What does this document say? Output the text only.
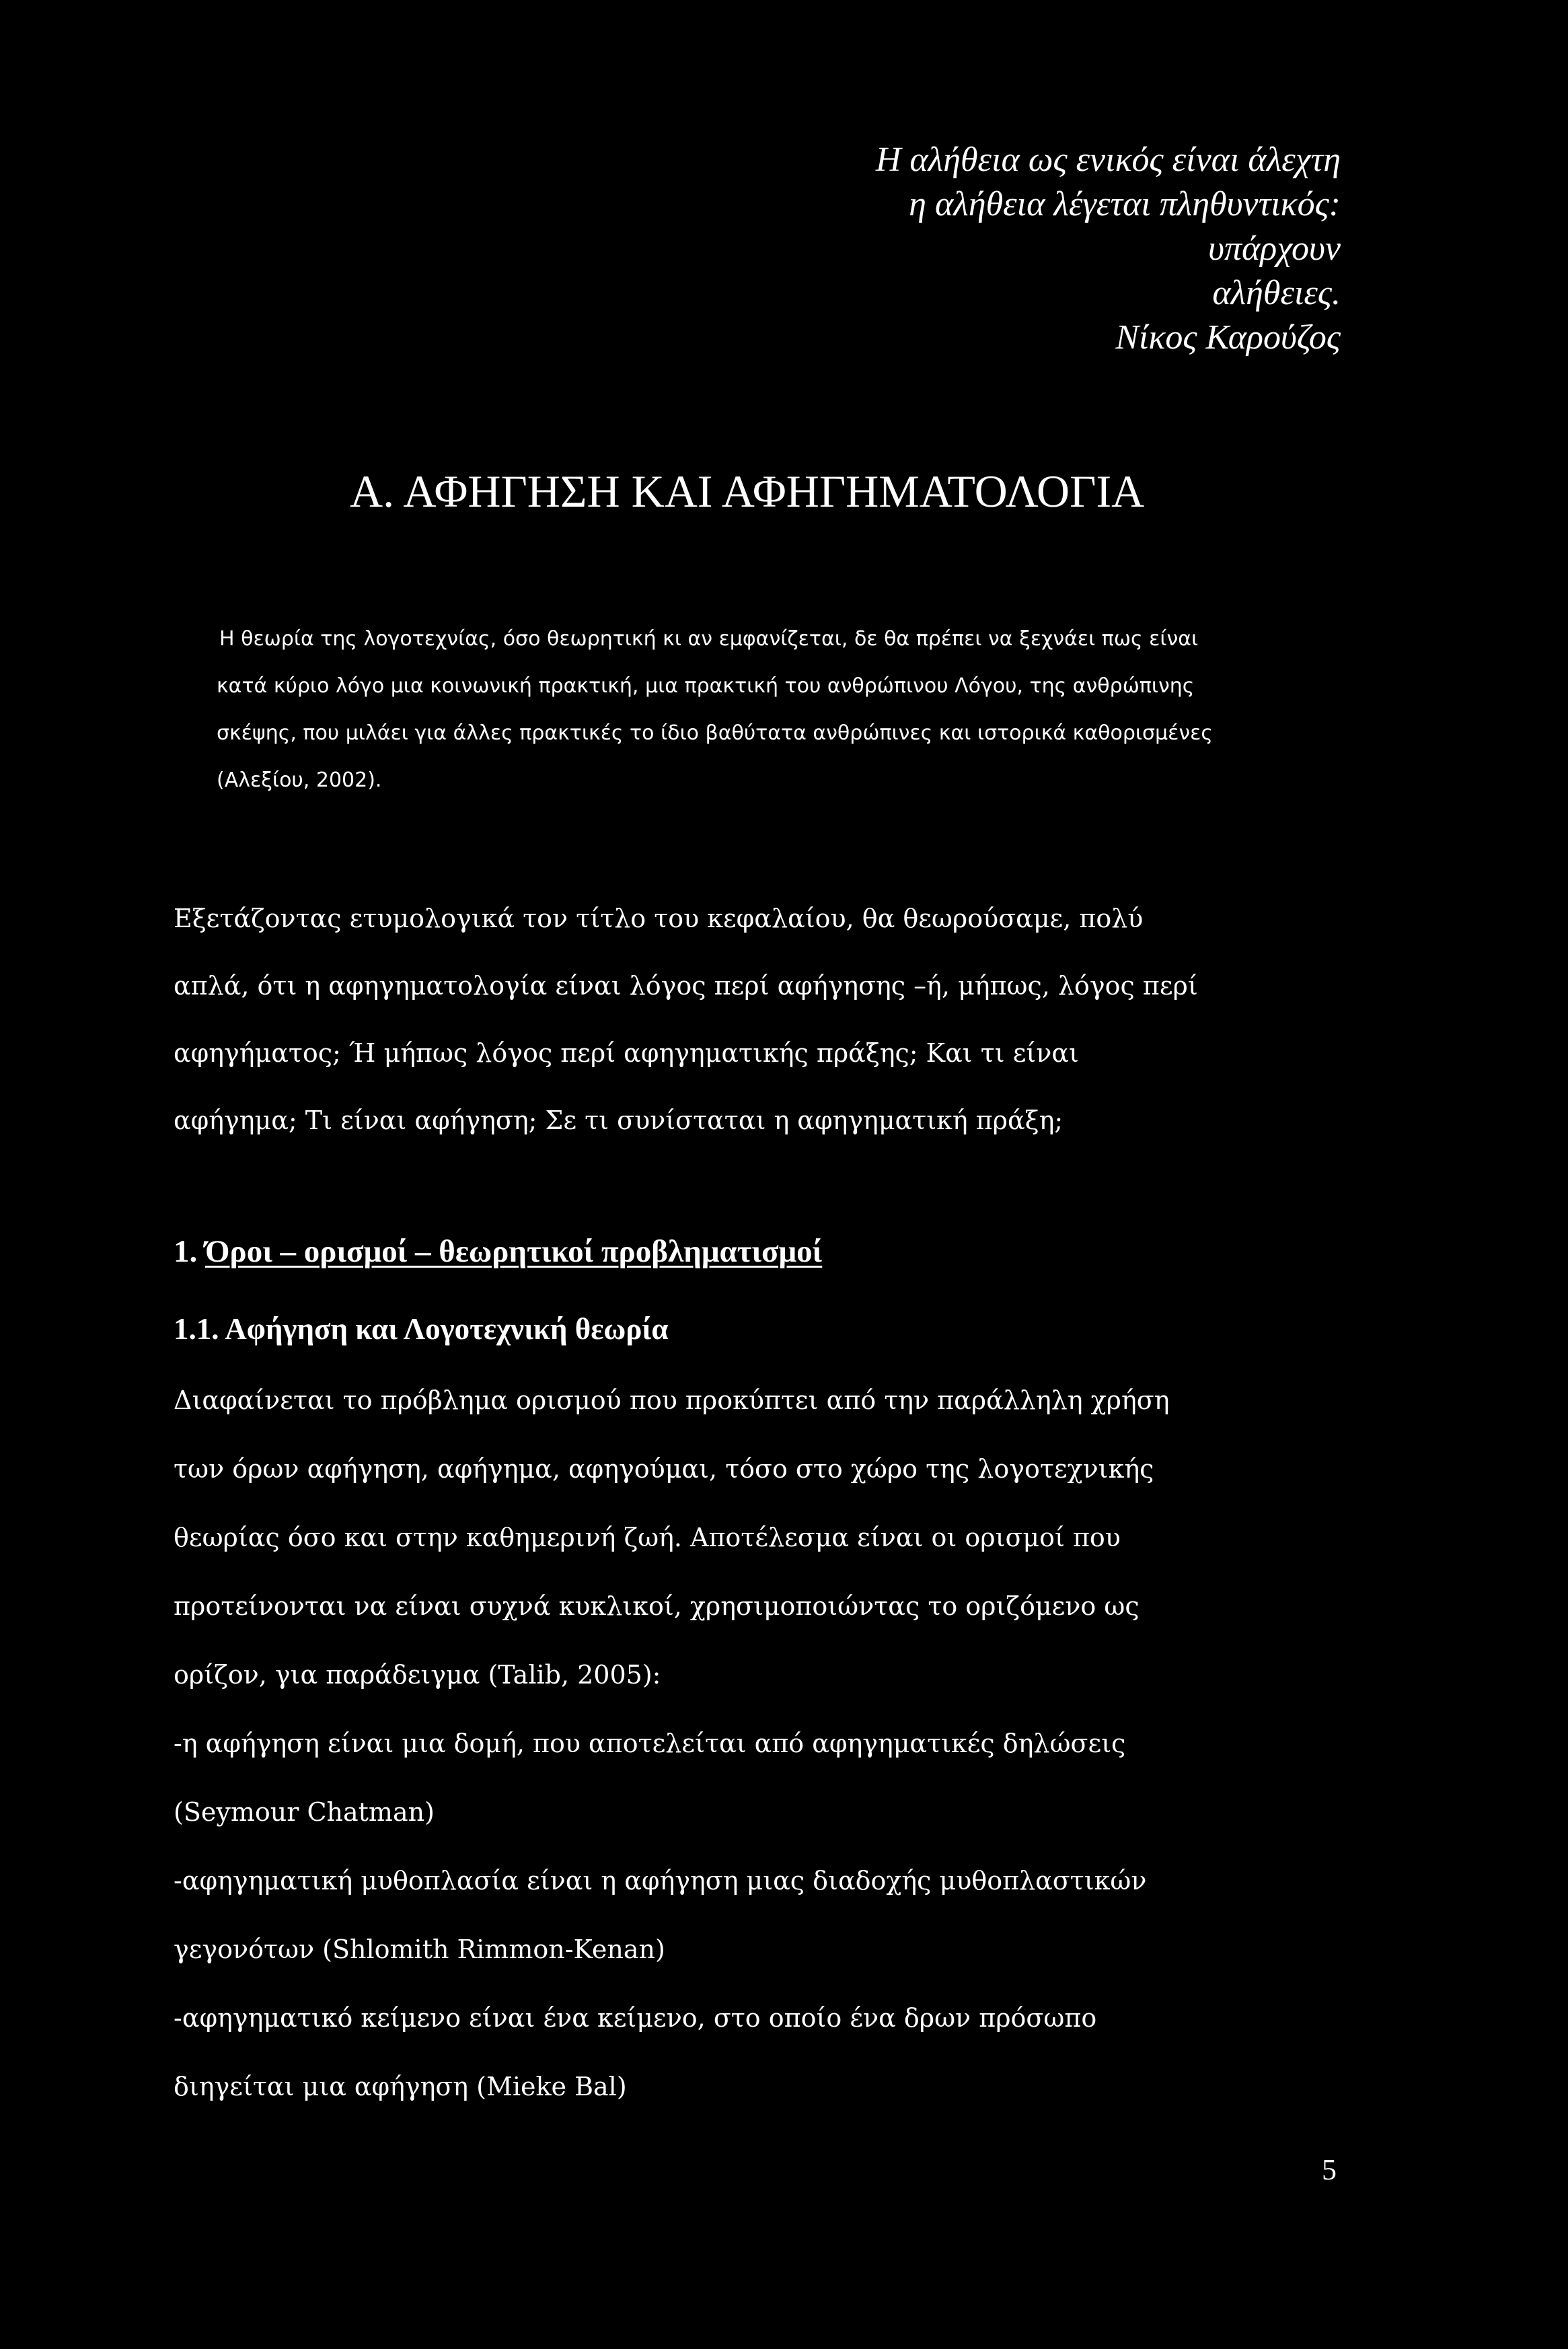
Η αλήθεια ως ενικός είναι άλεχτη
η αλήθεια λέγεται πληθυντικός:
υπάρχουν
αλήθειες.
Νίκος Καρούζος
Α. ΑΦΗΓΗΣΗ ΚΑΙ ΑΦΗΓΗΜΑΤΟΛΟΓΙΑ
Η θεωρία της λογοτεχνίας, όσο θεωρητική κι αν εμφανίζεται, δε θα πρέπει να ξεχνάει πως είναι
κατά κύριο λόγο μια κοινωνική πρακτική, μια πρακτική του ανθρώπινου Λόγου, της ανθρώπινης
σκέψης, που μιλάει για άλλες πρακτικές το ίδιο βαθύτατα ανθρώπινες και ιστορικά καθορισμένες
(Αλεξίου, 2002).
Εξετάζοντας ετυμολογικά τον τίτλο του κεφαλαίου, θα θεωρούσαμε, πολύ
απλά, ότι η αφηγηματολογία είναι λόγος περί αφήγησης –ή, μήπως, λόγος περί
αφηγήματος; Ή μήπως λόγος περί αφηγηματικής πράξης; Και τι είναι
αφήγημα; Τι είναι αφήγηση; Σε τι συνίσταται η αφηγηματική πράξη;
1. Όροι – ορισμοί – θεωρητικοί προβληματισμοί
1.1. Αφήγηση και Λογοτεχνική θεωρία
Διαφαίνεται το πρόβλημα ορισμού που προκύπτει από την παράλληλη χρήση
των όρων αφήγηση, αφήγημα, αφηγούμαι, τόσο στο χώρο της λογοτεχνικής
θεωρίας όσο και στην καθημερινή ζωή. Αποτέλεσμα είναι οι ορισμοί που
προτείνονται να είναι συχνά κυκλικοί, χρησιμοποιώντας το οριζόμενο ως
ορίζον, για παράδειγμα (Talib, 2005):
-η αφήγηση είναι μια δομή, που αποτελείται από αφηγηματικές δηλώσεις
(Seymour Chatman)
-αφηγηματική μυθοπλασία είναι η αφήγηση μιας διαδοχής μυθοπλαστικών
γεγονότων (Shlomith Rimmon-Kenan)
-αφηγηματικό κείμενο είναι ένα κείμενο, στο οποίο ένα δρων πρόσωπο
διηγείται μια αφήγηση (Mieke Bal)
5
